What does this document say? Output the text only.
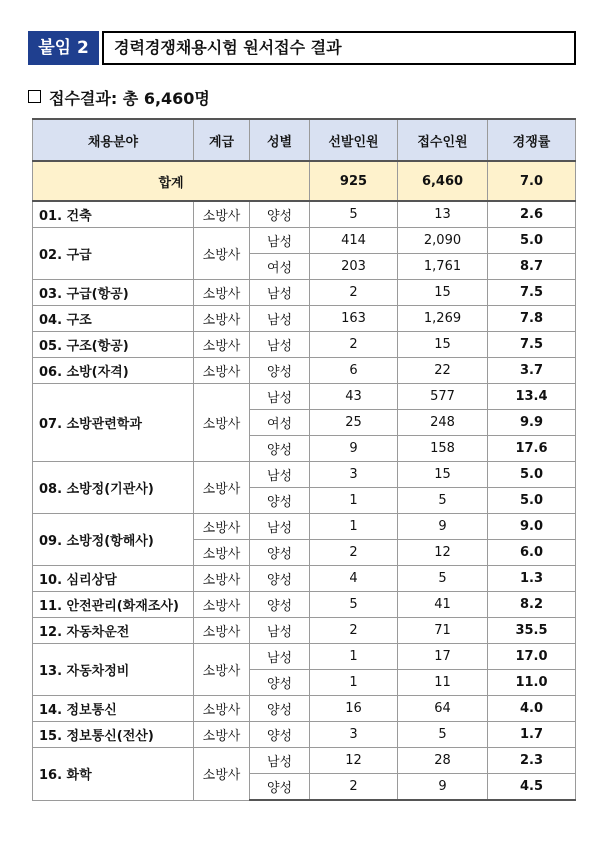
붙임 2	경력경쟁채용시험 원서접수 결과
접수결과: 총 6,460명
채용분야	계급	성별	선발인원	접수인원	경쟁률
합계			925	6,460	7.0
01. 건축	소방사	양성	5	13	2.6
02. 구급	소방사	남성	414	2,090	5.0
		여성	203	1,761	8.7
03. 구급(항공)	소방사	남성	2	15	7.5
04. 구조	소방사	남성	163	1,269	7.8
05. 구조(항공)	소방사	남성	2	15	7.5
06. 소방(자격)	소방사	양성	6	22	3.7
07. 소방관련학과	소방사	남성	43	577	13.4
		여성	25	248	9.9
		양성	9	158	17.6
08. 소방정(기관사)	소방사	남성	3	15	5.0
		양성	1	5	5.0
09. 소방정(항해사)	소방사	남성	1	9	9.0
	소방사	양성	2	12	6.0
10. 심리상담	소방사	양성	4	5	1.3
11. 안전관리(화재조사)	소방사	양성	5	41	8.2
12. 자동차운전	소방사	남성	2	71	35.5
13. 자동차정비	소방사	남성	1	17	17.0
		양성	1	11	11.0
14. 정보통신	소방사	양성	16	64	4.0
15. 정보통신(전산)	소방사	양성	3	5	1.7
16. 화학	소방사	남성	12	28	2.3
		양성	2	9	4.5
